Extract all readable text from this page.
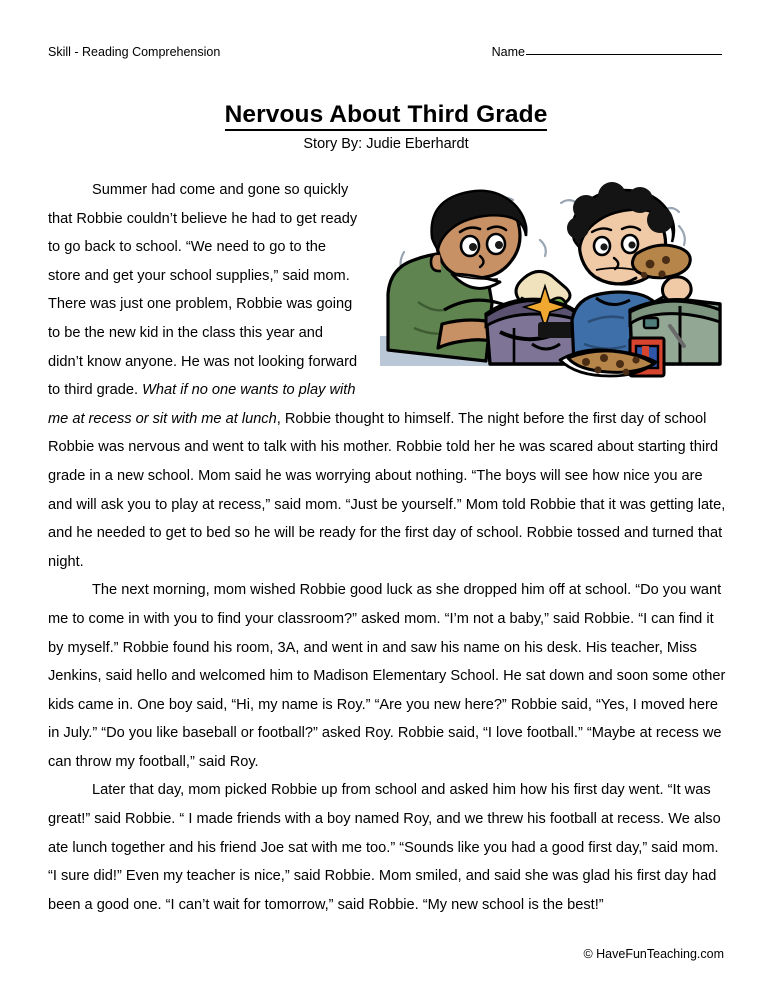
Skill - Reading Comprehension	Name
Nervous About Third Grade
Story By: Judie Eberhardt

Summer had come and gone so quickly that Robbie couldn’t believe he had to get ready to go back to school. “We need to go to the store and get your school supplies,” said mom. There was just one problem, Robbie was going to be the new kid in the class this year and didn’t know anyone. He was not looking forward to third grade. What if no one wants to play with me at recess or sit with me at lunch, Robbie thought to himself. The night before the first day of school Robbie was nervous and went to talk with his mother. Robbie told her he was scared about starting third grade in a new school. Mom said he was worrying about nothing. “The boys will see how nice you are and will ask you to play at recess,” said mom. “Just be yourself.” Mom told Robbie that it was getting late, and he needed to get to bed so he will be ready for the first day of school. Robbie tossed and turned that night.

The next morning, mom wished Robbie good luck as she dropped him off at school. “Do you want me to come in with you to find your classroom?” asked mom. “I’m not a baby,” said Robbie. “I can find it by myself.” Robbie found his room, 3A, and went in and saw his name on his desk. His teacher, Miss Jenkins, said hello and welcomed him to Madison Elementary School. He sat down and soon some other kids came in. One boy said, “Hi, my name is Roy.” “Are you new here?” Robbie said, “Yes, I moved here in July.” “Do you like baseball or football?” asked Roy. Robbie said, “I love football.” “Maybe at recess we can throw my football,” said Roy.

Later that day, mom picked Robbie up from school and asked him how his first day went. “It was great!” said Robbie. “ I made friends with a boy named Roy, and we threw his football at recess. We also ate lunch together and his friend Joe sat with me too.” “Sounds like you had a good first day,” said mom. “I sure did!” Even my teacher is nice,” said Robbie. Mom smiled, and said she was glad his first day had been a good one. “I can’t wait for tomorrow,” said Robbie. “My new school is the best!”

© HaveFunTeaching.com
